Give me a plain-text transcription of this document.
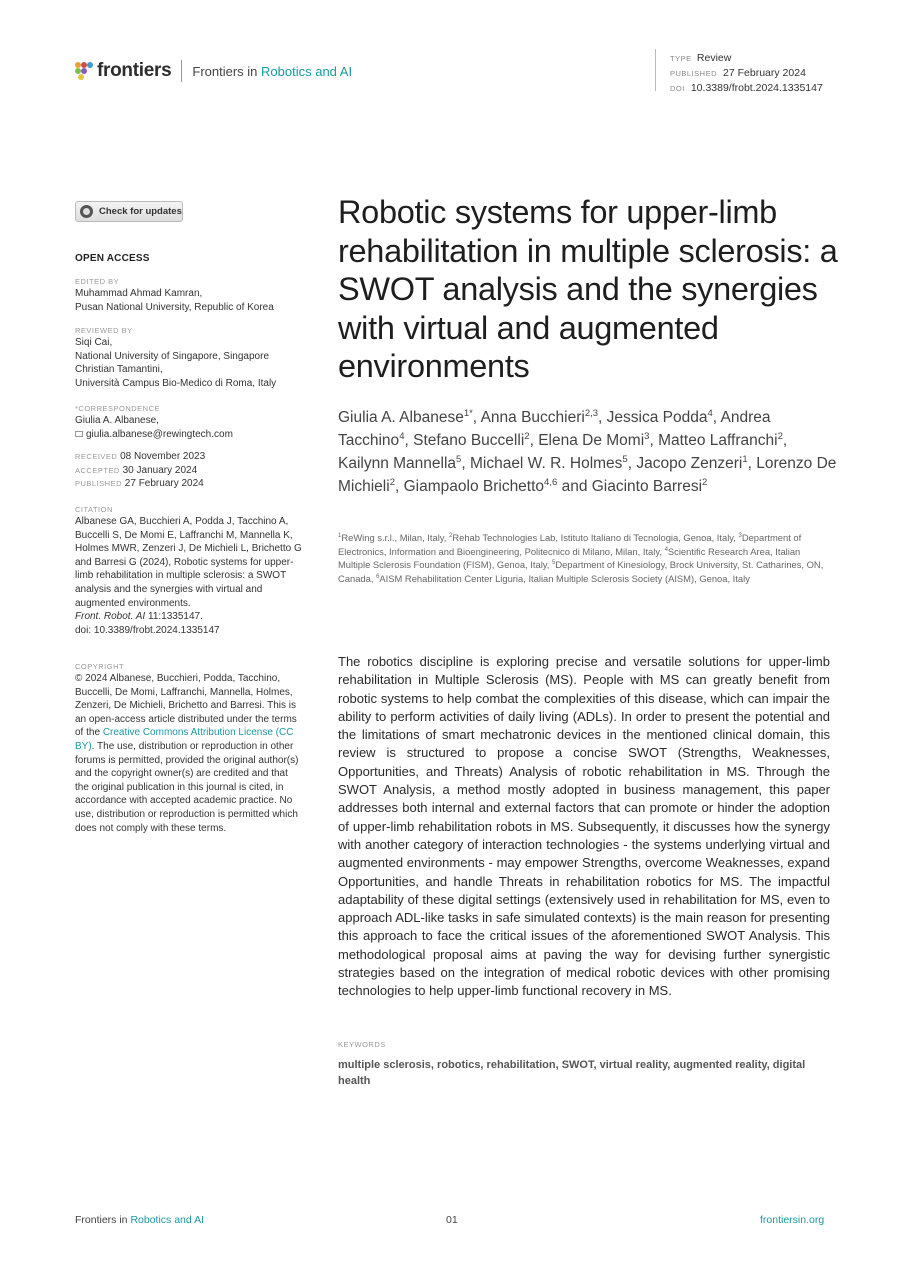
frontiers Frontiers in Robotics and AI
TYPE Review
PUBLISHED 27 February 2024
DOI 10.3389/frobt.2024.1335147
Check for updates
OPEN ACCESS
EDITED BY
Muhammad Ahmad Kamran,
Pusan National University, Republic of Korea
REVIEWED BY
Siqi Cai,
National University of Singapore, Singapore
Christian Tamantini,
Università Campus Bio-Medico di Roma, Italy
*CORRESPONDENCE
Giulia A. Albanese,
giulia.albanese@rewingtech.com
RECEIVED 08 November 2023
ACCEPTED 30 January 2024
PUBLISHED 27 February 2024
CITATION
Albanese GA, Bucchieri A, Podda J, Tacchino A, Buccelli S, De Momi E, Laffranchi M, Mannella K, Holmes MWR, Zenzeri J, De Michieli L, Brichetto G and Barresi G (2024), Robotic systems for upper-limb rehabilitation in multiple sclerosis: a SWOT analysis and the synergies with virtual and augmented environments.
Front. Robot. AI 11:1335147.
doi: 10.3389/frobt.2024.1335147
COPYRIGHT
© 2024 Albanese, Bucchieri, Podda, Tacchino, Buccelli, De Momi, Laffranchi, Mannella, Holmes, Zenzeri, De Michieli, Brichetto and Barresi. This is an open-access article distributed under the terms of the Creative Commons Attribution License (CC BY). The use, distribution or reproduction in other forums is permitted, provided the original author(s) and the copyright owner(s) are credited and that the original publication in this journal is cited, in accordance with accepted academic practice. No use, distribution or reproduction is permitted which does not comply with these terms.
Robotic systems for upper-limb rehabilitation in multiple sclerosis: a SWOT analysis and the synergies with virtual and augmented environments
Giulia A. Albanese$^{1*}$, Anna Bucchieri$^{2,3}$, Jessica Podda$^4$, Andrea Tacchino$^4$, Stefano Buccelli$^2$, Elena De Momi$^3$, Matteo Laffranchi$^2$, Kailynn Mannella$^5$, Michael W. R. Holmes$^5$, Jacopo Zenzeri$^1$, Lorenzo De Michieli$^2$, Giampaolo Brichetto$^{4,6}$ and Giacinto Barresi$^2$
$^1$ReWing s.r.l., Milan, Italy, $^2$Rehab Technologies Lab, Istituto Italiano di Tecnologia, Genoa, Italy, $^3$Department of Electronics, Information and Bioengineering, Politecnico di Milano, Milan, Italy, $^4$Scientific Research Area, Italian Multiple Sclerosis Foundation (FISM), Genoa, Italy, $^5$Department of Kinesiology, Brock University, St. Catharines, ON, Canada, $^6$AISM Rehabilitation Center Liguria, Italian Multiple Sclerosis Society (AISM), Genoa, Italy
The robotics discipline is exploring precise and versatile solutions for upper-limb rehabilitation in Multiple Sclerosis (MS). People with MS can greatly benefit from robotic systems to help combat the complexities of this disease, which can impair the ability to perform activities of daily living (ADLs). In order to present the potential and the limitations of smart mechatronic devices in the mentioned clinical domain, this review is structured to propose a concise SWOT (Strengths, Weaknesses, Opportunities, and Threats) Analysis of robotic rehabilitation in MS. Through the SWOT Analysis, a method mostly adopted in business management, this paper addresses both internal and external factors that can promote or hinder the adoption of upper-limb rehabilitation robots in MS. Subsequently, it discusses how the synergy with another category of interaction technologies - the systems underlying virtual and augmented environments - may empower Strengths, overcome Weaknesses, expand Opportunities, and handle Threats in rehabilitation robotics for MS. The impactful adaptability of these digital settings (extensively used in rehabilitation for MS, even to approach ADL-like tasks in safe simulated contexts) is the main reason for presenting this approach to face the critical issues of the aforementioned SWOT Analysis. This methodological proposal aims at paving the way for devising further synergistic strategies based on the integration of medical robotic devices with other promising technologies to help upper-limb functional recovery in MS.
KEYWORDS
multiple sclerosis, robotics, rehabilitation, SWOT, virtual reality, augmented reality, digital health
Frontiers in Robotics and AI	01	frontiersin.org
